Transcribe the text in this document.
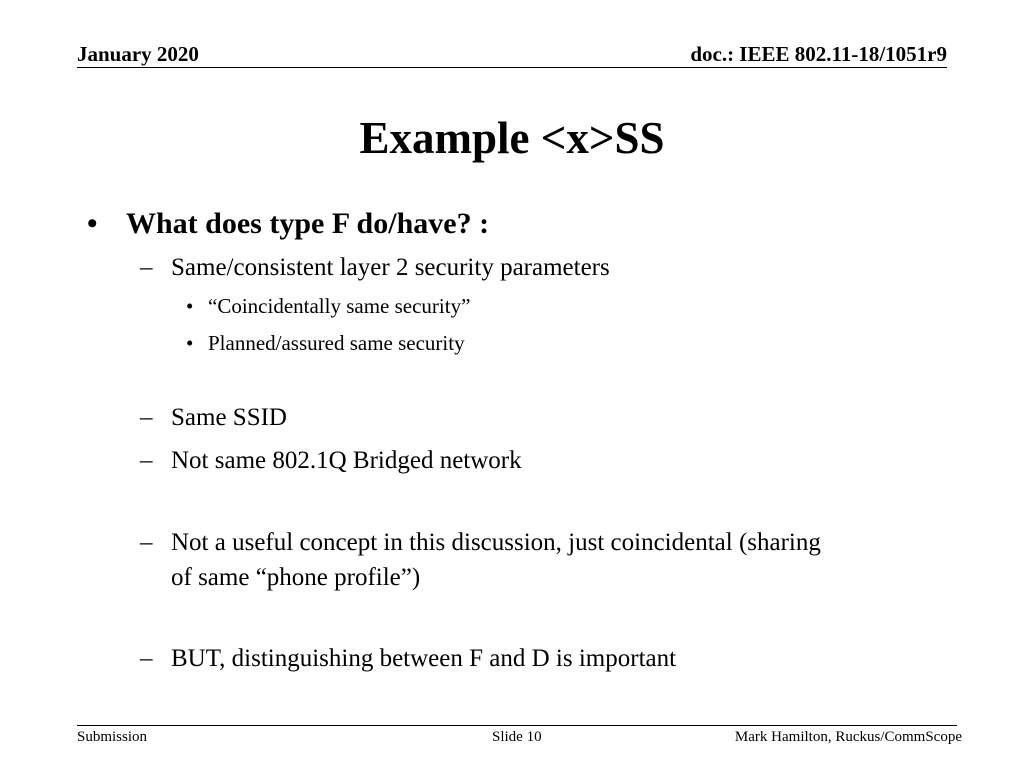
January 2020	doc.: IEEE 802.11-18/1051r9
Example <x>SS
• What does type F do/have? :
– Same/consistent layer 2 security parameters
• “Coincidentally same security”
• Planned/assured same security
– Same SSID
– Not same 802.1Q Bridged network
– Not a useful concept in this discussion, just coincidental (sharing
of same “phone profile”)
– BUT, distinguishing between F and D is important
Submission	Slide 10	Mark Hamilton, Ruckus/CommScope
